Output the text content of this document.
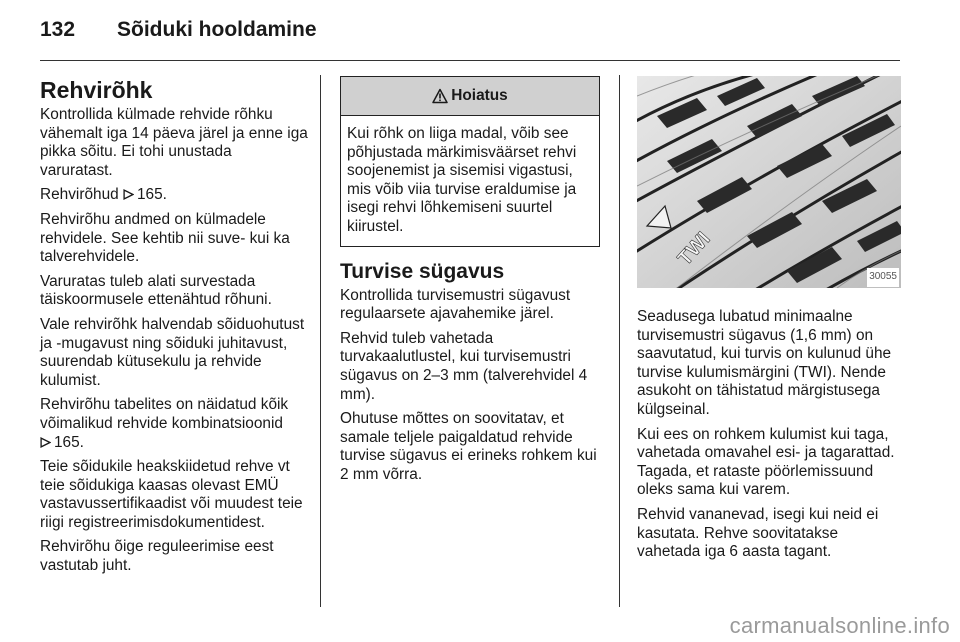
132 Sõiduki hooldamine
Rehvirõhk

Kontrollida külmade rehvide rõhku vähemalt iga 14 päeva järel ja enne iga pikka sõitu. Ei tohi unustada varuratast.

Rehvirõhud 165.

Rehvirõhu andmed on külmadele rehvidele. See kehtib nii suve- kui ka talverehvidele.

Varuratas tuleb alati survestada täiskoormusele ettenähtud rõhuni.

Vale rehvirõhk halvendab sõiduohutust ja -mugavust ning sõiduki juhitavust, suurendab kütusekulu ja rehvide kulumist.

Rehvirõhu tabelites on näidatud kõik võimalikud rehvide kombinatsioonid
165.

Teie sõidukile heakskiidetud rehve vt teie sõidukiga kaasas olevast EMÜ vastavussertifikaadist või muudest teie riigi registreerimisdokumentidest.

Rehvirõhu õige reguleerimise eest vastutab juht.

Hoiatus
Kui rõhk on liiga madal, võib see põhjustada märkimisväärset rehvi soojenemist ja sisemisi vigastusi, mis võib viia turvise eraldumise ja isegi rehvi lõhkemiseni suurtel kiirustel.
Turvise sügavus

Kontrollida turvisemustri sügavust regulaarsete ajavahemike järel.

Rehvid tuleb vahetada turvakaalutlustel, kui turvisemustri sügavus on 2–3 mm (talverehvidel 4 mm).

Ohutuse mõttes on soovitatav, et samale teljele paigaldatud rehvide turvise sügavus ei erineks rohkem kui 2 mm võrra.

TWI
30055

Seadusega lubatud minimaalne turvisemustri sügavus (1,6 mm) on saavutatud, kui turvis on kulunud ühe turvise kulumismärgini (TWI). Nende asukoht on tähistatud märgistusega külgseinal.

Kui ees on rohkem kulumist kui taga, vahetada omavahel esi- ja tagarattad. Tagada, et rataste pöörlemissuund oleks sama kui varem.

Rehvid vananevad, isegi kui neid ei kasutata. Rehve soovitatakse vahetada iga 6 aasta tagant.

carmanualsonline.info
